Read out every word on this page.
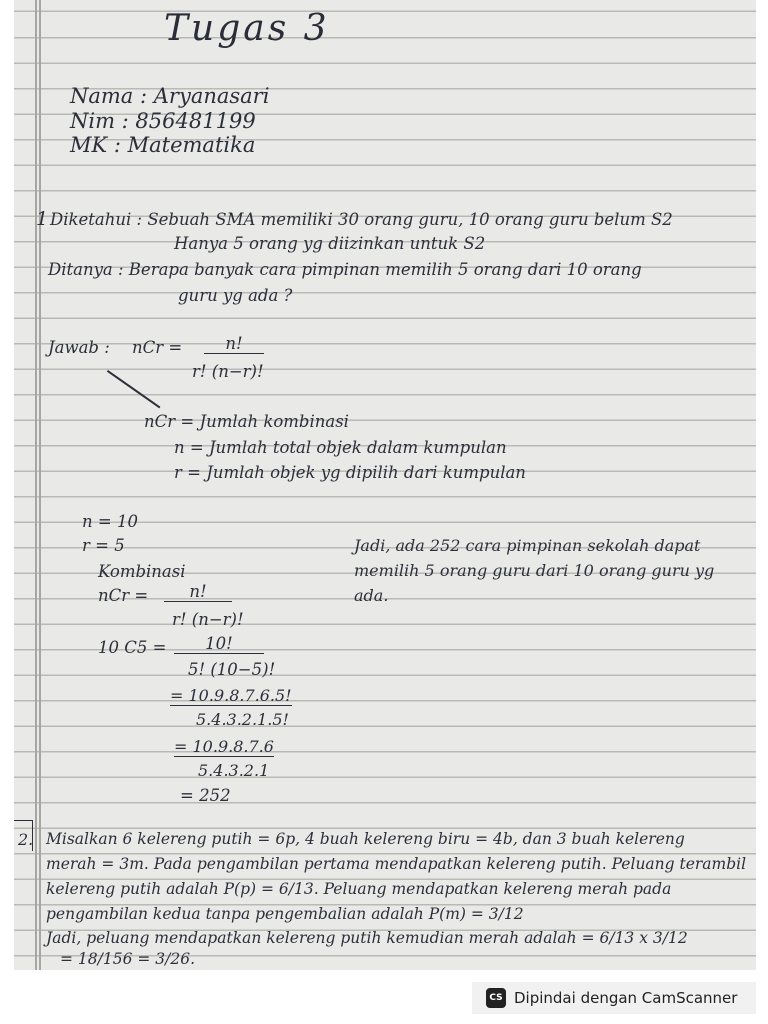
Tugas 3
Nama : Aryanasari
Nim : 856481199
MK : Matematika
1 Diketahui : Sebuah SMA memiliki 30 orang guru, 10 orang guru belum S2
Hanya 5 orang yg diizinkan untuk S2
Ditanya : Berapa banyak cara pimpinan memilih 5 orang dari 10 orang
guru yg ada ?
Jawab : nCr =	n!
r! (n−r)!
nCr = Jumlah kombinasi
n = Jumlah total objek dalam kumpulan
r = Jumlah objek yg dipilih dari kumpulan
n = 10
r = 5
Kombinasi
nCr =	n!
r! (n−r)!
10 C5 =	10!
5! (10−5)!
= 10.9.8.7.6.5!
5.4.3.2.1.5!
= 10.9.8.7.6
5.4.3.2.1
= 252
Jadi, ada 252 cara pimpinan sekolah dapat
memilih 5 orang guru dari 10 orang guru yg
ada.
2. Misalkan 6 kelereng putih = 6p, 4 buah kelereng biru = 4b, dan 3 buah kelereng
merah = 3m. Pada pengambilan pertama mendapatkan kelereng putih. Peluang terambil
kelereng putih adalah P(p) = 6/13. Peluang mendapatkan kelereng merah pada
pengambilan kedua tanpa pengembalian adalah P(m) = 3/12
Jadi, peluang mendapatkan kelereng putih kemudian merah adalah = 6/13 x 3/12
= 18/156 = 3/26.
CS Dipindai dengan CamScanner
